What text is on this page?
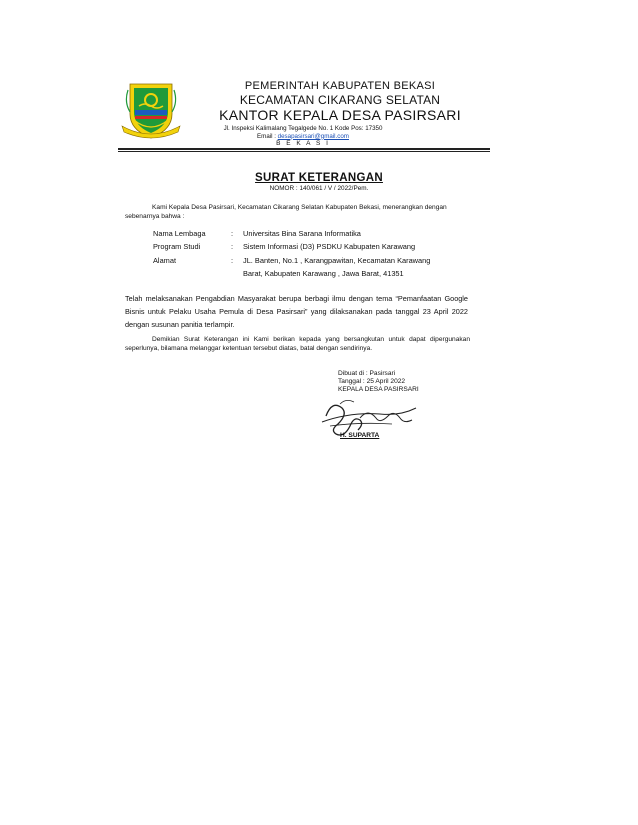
PEMERINTAH KABUPATEN BEKASI
KECAMATAN CIKARANG SELATAN
KANTOR KEPALA DESA PASIRSARI
Jl. Inspeksi Kalimalang Tegalgede No. 1 Kode Pos: 17350
Email : desapasirsari@gmail.com
B E K A S I
SURAT KETERANGAN
NOMOR : 140/061 / V / 2022/Pem.
Kami Kepala Desa Pasirsari, Kecamatan Cikarang Selatan Kabupaten Bekasi, menerangkan dengan sebenarnya bahwa :
Nama Lembaga	:	Universitas Bina Sarana Informatika
Program Studi	:	Sistem Informasi (D3) PSDKU Kabupaten Karawang
Alamat	:	JL. Banten, No.1 , Karangpawitan, Kecamatan Karawang
Barat, Kabupaten Karawang , Jawa Barat, 41351
Telah melaksanakan Pengabdian Masyarakat berupa berbagi ilmu dengan tema “Pemanfaatan Google Bisnis untuk Pelaku Usaha Pemula di Desa Pasirsari” yang dilaksanakan pada tanggal 23 April 2022 dengan susunan panitia terlampir.
Demikian Surat Keterangan ini Kami berikan kepada yang bersangkutan untuk dapat dipergunakan seperlunya, bilamana melanggar ketentuan tersebut diatas, batal dengan sendirinya.
Dibuat di : Pasirsari
Tanggal : 25 April 2022
KEPALA DESA PASIRSARI
H. SUPARTA
